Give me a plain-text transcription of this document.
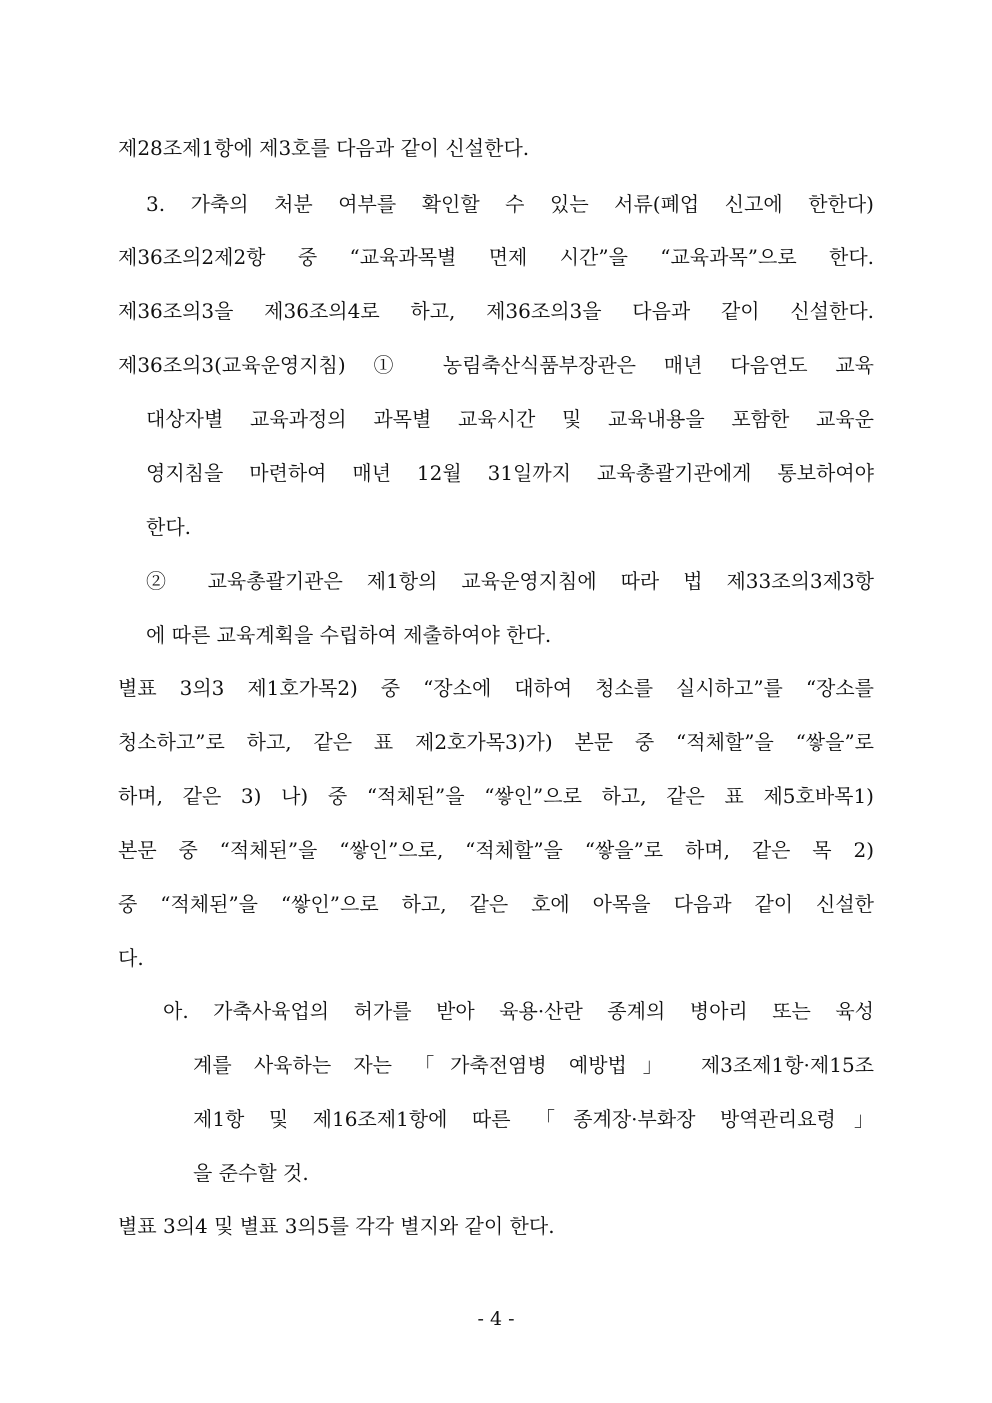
제28조제1항에 제3호를 다음과 같이 신설한다.
3. 가축의 처분 여부를 확인할 수 있는 서류(폐업 신고에 한한다)
제36조의2제2항 중 “교육과목별 면제 시간”을 “교육과목”으로 한다.
제36조의3을 제36조의4로 하고, 제36조의3을 다음과 같이 신설한다.
제36조의3(교육운영지침) ① 농림축산식품부장관은 매년 다음연도 교육
대상자별 교육과정의 과목별 교육시간 및 교육내용을 포함한 교육운
영지침을 마련하여 매년 12월 31일까지 교육총괄기관에게 통보하여야
한다.
② 교육총괄기관은 제1항의 교육운영지침에 따라 법 제33조의3제3항
에 따른 교육계획을 수립하여 제출하여야 한다.
별표 3의3 제1호가목2) 중 “장소에 대하여 청소를 실시하고”를 “장소를
청소하고”로 하고, 같은 표 제2호가목3)가) 본문 중 “적체할”을 “쌓을”로
하며, 같은 3) 나) 중 “적체된”을 “쌓인”으로 하고, 같은 표 제5호바목1)
본문 중 “적체된”을 “쌓인”으로, “적체할”을 “쌓을”로 하며, 같은 목 2)
중 “적체된”을 “쌓인”으로 하고, 같은 호에 아목을 다음과 같이 신설한
다.
아. 가축사육업의 허가를 받아 육용·산란 종계의 병아리 또는 육성
계를 사육하는 자는 「가축전염병 예방법」 제3조제1항·제15조
제1항 및 제16조제1항에 따른 「종계장·부화장 방역관리요령」
을 준수할 것.
별표 3의4 및 별표 3의5를 각각 별지와 같이 한다.
- 4 -
